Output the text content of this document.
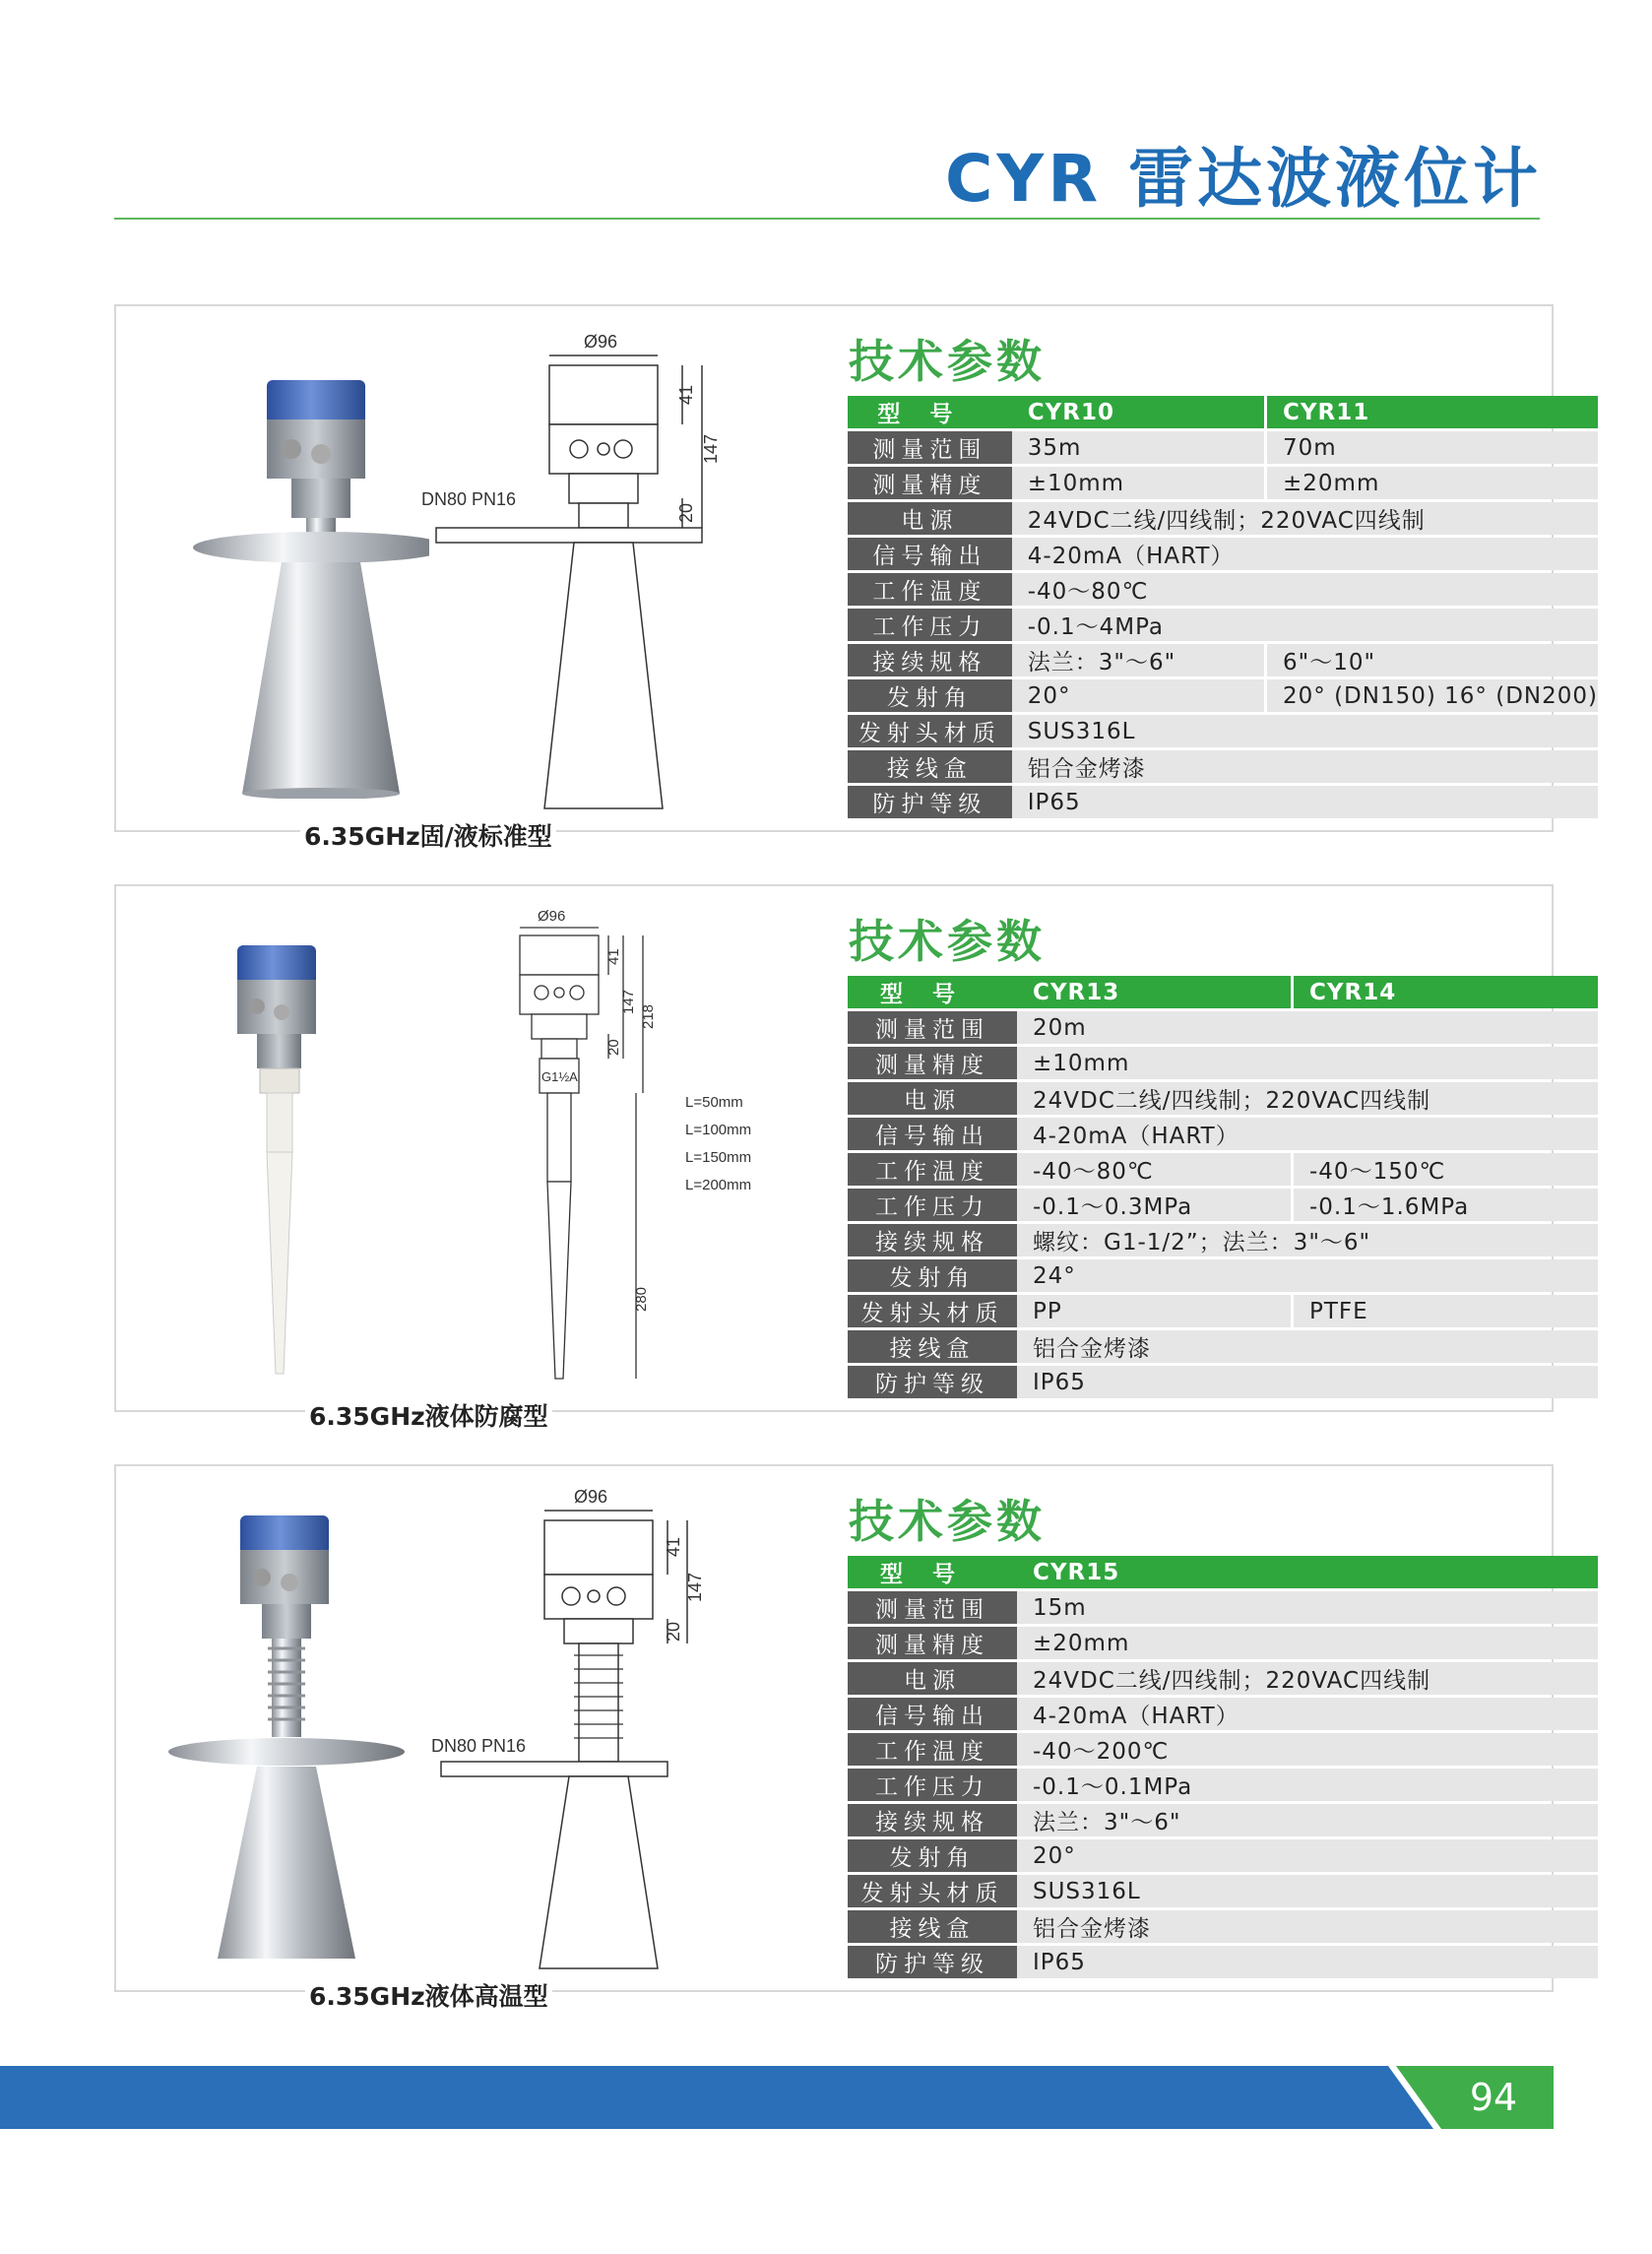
CYR 雷达波液位计
Ø96
41
147
20
DN80 PN16
技术参数
型号	CYR10	CYR11
测量范围	35m	70m
测量精度	±10mm	±20mm
电源	24VDC二线/四线制；220VAC四线制	
信号输出	4-20mA（HART）	
工作温度	-40～80℃	
工作压力	-0.1～4MPa	
接续规格	法兰：3"～6"	6"～10"
发射角	20°	20° (DN150) 16° (DN200)
发射头材质	SUS316L	
接线盒	铝合金烤漆	
防护等级	IP65	
6.35GHz固/液标准型
Ø96
41
147
218
20
G1½A
L=50mm
L=100mm
L=150mm
L=200mm
280
技术参数
型号	CYR13	CYR14
测量范围	20m	
测量精度	±10mm	
电源	24VDC二线/四线制；220VAC四线制	
信号输出	4-20mA（HART）	
工作温度	-40～80℃	-40～150℃
工作压力	-0.1～0.3MPa	-0.1～1.6MPa
接续规格	螺纹：G1-1/2”；法兰：3"～6"	
发射角	24°	
发射头材质	PP	PTFE
接线盒	铝合金烤漆	
防护等级	IP65	
6.35GHz液体防腐型
Ø96
41
147
20
DN80 PN16
技术参数
型号	CYR15
测量范围	15m
测量精度	±20mm
电源	24VDC二线/四线制；220VAC四线制
信号输出	4-20mA（HART）
工作温度	-40～200℃
工作压力	-0.1～0.1MPa
接续规格	法兰：3"～6"
发射角	20°
发射头材质	SUS316L
接线盒	铝合金烤漆
防护等级	IP65
6.35GHz液体高温型
94
